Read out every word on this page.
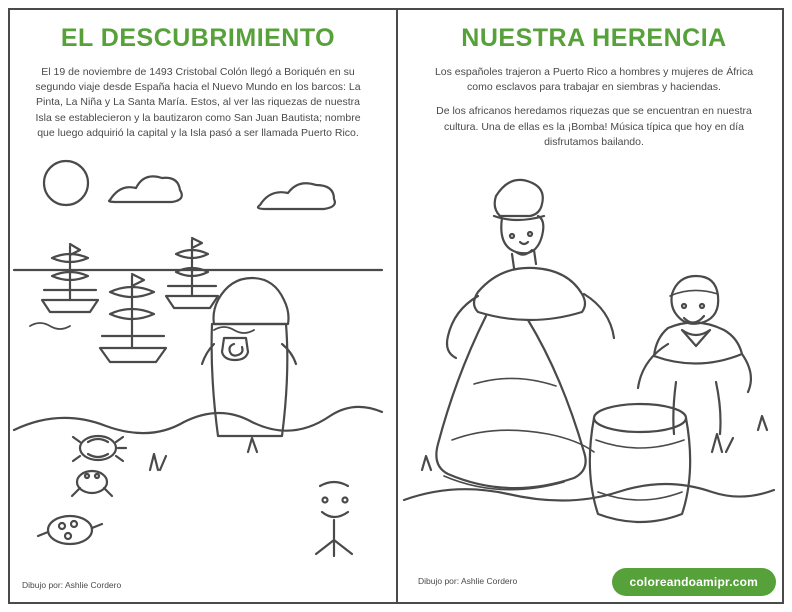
EL DESCUBRIMIENTO

El 19 de noviembre de 1493 Cristobal Colón llegó a Boriquén en su segundo viaje desde España hacia el Nuevo Mundo en los barcos: La Pinta, La Niña y La Santa María. Estos, al ver las riquezas de nuestra Isla se establecieron y la bautizaron como San Juan Bautista; nombre que luego adquirió la capital y la Isla pasó a ser llamada Puerto Rico.

NUESTRA HERENCIA

Los españoles trajeron a Puerto Rico a hombres y mujeres de África como esclavos para trabajar en siembras y haciendas.

De los africanos heredamos riquezas que se encuentran en nuestra cultura. Una de ellas es la ¡Bomba! Música típica que hoy en día disfrutamos bailando.

Dibujo por: Ashlie Cordero	Dibujo por: Ashlie Cordero	coloreandoamipr.com
